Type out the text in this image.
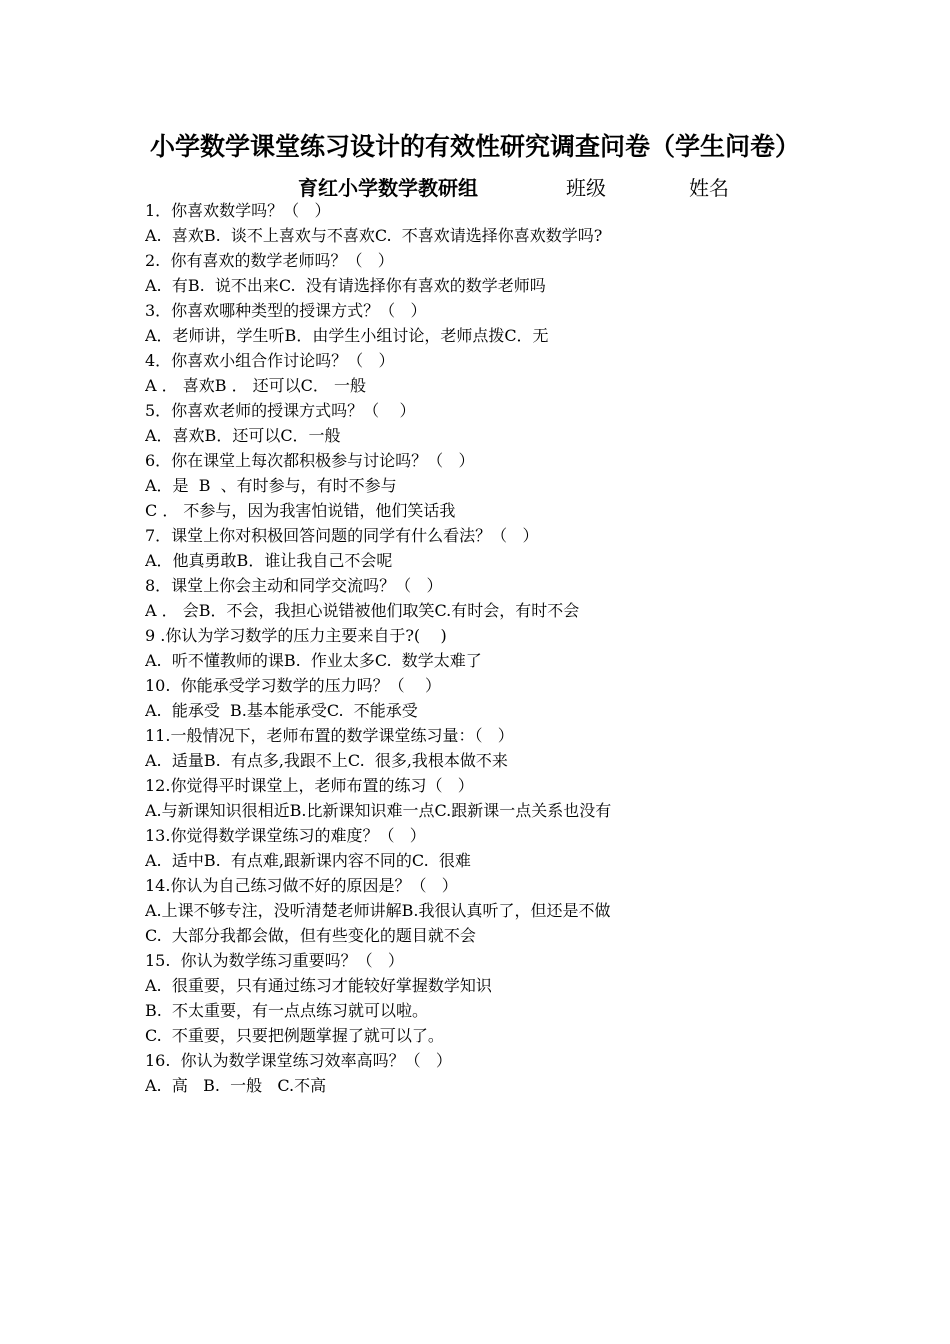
小学数学课堂练习设计的有效性研究调查问卷（学生问卷）
育红小学数学教研组	班级	姓名
1．你喜欢数学吗？（   ）
A.  喜欢B.  谈不上喜欢与不喜欢C.  不喜欢请选择你喜欢数学吗?
2.  你有喜欢的数学老师吗？（   ）
A.  有B.  说不出来C.  没有请选择你有喜欢的数学老师吗
3．你喜欢哪种类型的授课方式？（   ）
A．老师讲，学生听B．由学生小组讨论，老师点拨C．无
4．你喜欢小组合作讨论吗？（   ）
A ． 喜欢B ． 还可以C． 一般
5．你喜欢老师的授课方式吗？（    ）
A．喜欢B．还可以C．一般
6．你在课堂上每次都积极参与讨论吗？（   ）
A．是  B  、有时参与，有时不参与
C ． 不参与，因为我害怕说错，他们笑话我
7．课堂上你对积极回答问题的同学有什么看法？（   ）
A．他真勇敢B．谁让我自己不会呢
8．课堂上你会主动和同学交流吗？（   ）
A ． 会B．不会，我担心说错被他们取笑C.有时会，有时不会
9 .你认为学习数学的压力主要来自于?(    )
A.  听不懂教师的课B.  作业太多C.  数学太难了
10.  你能承受学习数学的压力吗？（    ）
A.  能承受  B.基本能承受C.  不能承受
11.一般情况下，老师布置的数学课堂练习量：（   ）
A.  适量B.  有点多,我跟不上C.  很多,我根本做不来
12.你觉得平时课堂上，老师布置的练习（   ）
A.与新课知识很相近B.比新课知识难一点C.跟新课一点关系也没有
13.你觉得数学课堂练习的难度？（   ）
A.  适中B.  有点难,跟新课内容不同的C.  很难
14.你认为自己练习做不好的原因是？（   ）
A.上课不够专注，没听清楚老师讲解B.我很认真听了，但还是不做
C.  大部分我都会做，但有些变化的题目就不会
15.  你认为数学练习重要吗？（   ）
A.  很重要，只有通过练习才能较好掌握数学知识
B.  不太重要，有一点点练习就可以啦。
C.  不重要，只要把例题掌握了就可以了。
16.  你认为数学课堂练习效率高吗？（   ）
A.  高   B.  一般   C.不高
